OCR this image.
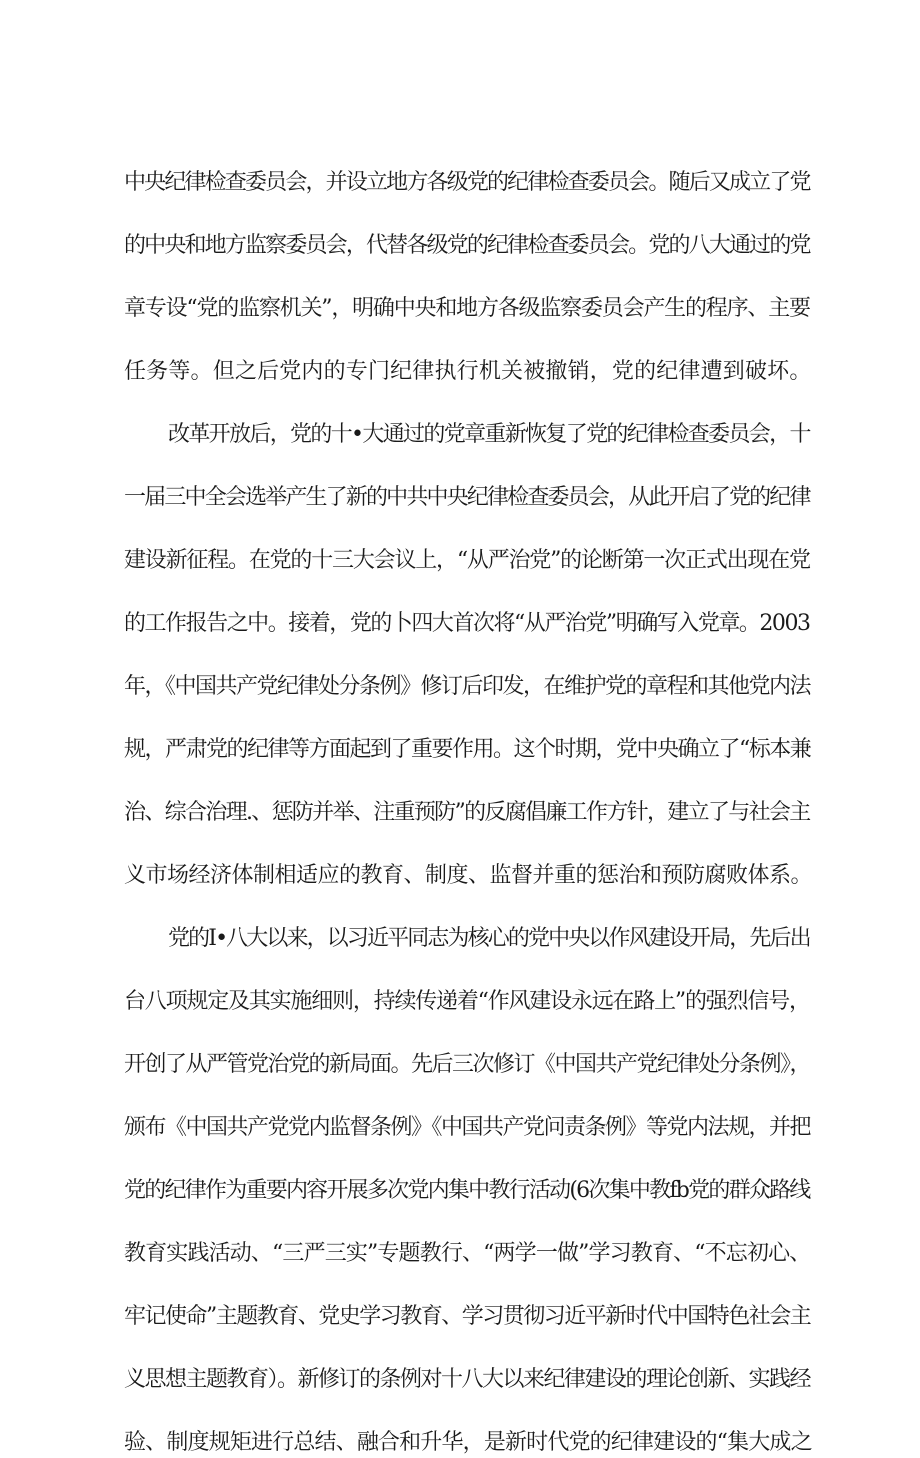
中央纪律检查委员会，并设立地方各级党的纪律检查委员会。随后又成立了党
的中央和地方监察委员会，代替各级党的纪律检查委员会。党的八大通过的党
章专设“党的监察机关”，明确中央和地方各级监察委员会产生的程序、主要
任务等。但之后党内的专门纪律执行机关被撤销，党的纪律遭到破坏。
改革开放后，党的十•大通过的党章重新恢复了党的纪律检查委员会，十
一届三中全会选举产生了新的中共中央纪律检查委员会，从此开启了党的纪律
建设新征程。在党的十三大会议上，“从严治党”的论断第一次正式出现在党
的工作报告之中。接着，党的卜四大首次将“从严治党”明确写入党章。2003
年，《中国共产党纪律处分条例》修订后印发，在维护党的章程和其他党内法
规，严肃党的纪律等方面起到了重要作用。这个时期，党中央确立了“标本兼
治、综合治理.、惩防并举、注重预防”的反腐倡廉工作方针，建立了与社会主
义市场经济体制相适应的教育、制度、监督并重的惩治和预防腐败体系。
党的I•八大以来，以习近平同志为核心的党中央以作风建设开局，先后出
台八项规定及其实施细则，持续传递着“作风建设永远在路上”的强烈信号，
开创了从严管党治党的新局面。先后三次修订《中国共产党纪律处分条例》，
颁布《中国共产党党内监督条例》《中国共产党问责条例》等党内法规，并把
党的纪律作为重要内容开展多次党内集中教行活动(6次集中教fb党的群众路线
教育实践活动、“三严三实”专题教行、“两学一做”学习教育、“不忘初心、
牢记使命”主题教育、党史学习教育、学习贯彻习近平新时代中国特色社会主
义思想主题教育）。新修订的条例对十八大以来纪律建设的理论创新、实践经
验、制度规矩进行总结、融合和升华，是新时代党的纪律建设的“集大成之
